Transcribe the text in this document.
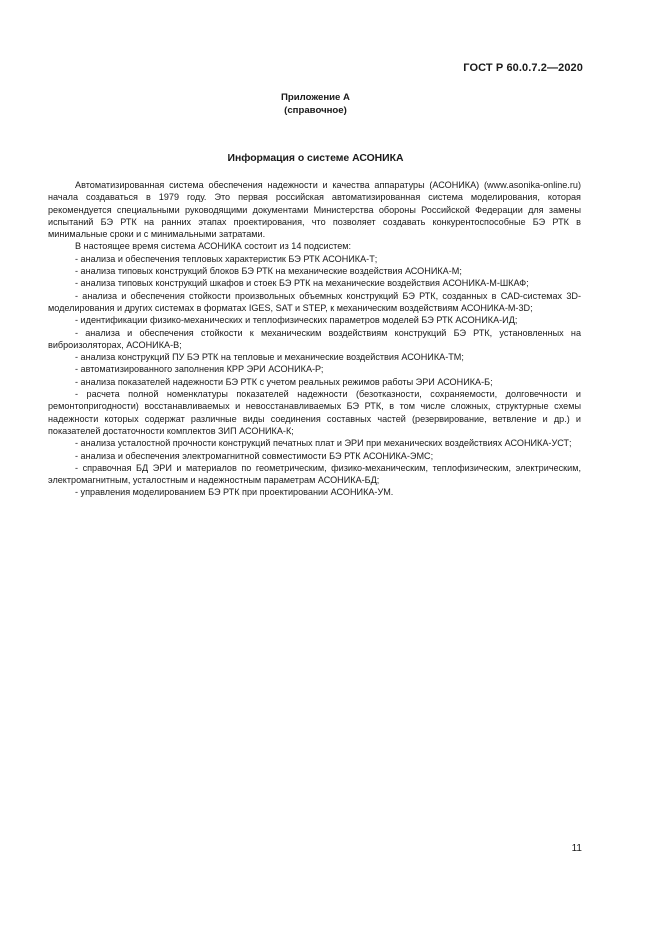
ГОСТ Р 60.0.7.2—2020
Приложение А
(справочное)
Информация о системе АСОНИКА

Автоматизированная система обеспечения надежности и качества аппаратуры (АСОНИКА) (www.asonika-online.ru) начала создаваться в 1979 году. Это первая российская автоматизированная система моделирования, которая рекомендуется специальными руководящими документами Министерства обороны Российской Федерации для замены испытаний БЭ РТК на ранних этапах проектирования, что позволяет создавать конкурентоспособные БЭ РТК в минимальные сроки и с минимальными затратами.

В настоящее время система АСОНИКА состоит из 14 подсистем:

- анализа и обеспечения тепловых характеристик БЭ РТК АСОНИКА-Т;

- анализа типовых конструкций блоков БЭ РТК на механические воздействия АСОНИКА-М;

- анализа типовых конструкций шкафов и стоек БЭ РТК на механические воздействия АСОНИКА-М-ШКАФ;

- анализа и обеспечения стойкости произвольных объемных конструкций БЭ РТК, созданных в CAD-системах 3D-моделирования и других системах в форматах IGES, SAT и STEP, к механическим воздействиям АСОНИКА-М-3D;

- идентификации физико-механических и теплофизических параметров моделей БЭ РТК АСОНИКА-ИД;

- анализа и обеспечения стойкости к механическим воздействиям конструкций БЭ РТК, установленных на виброизоляторах, АСОНИКА-В;

- анализа конструкций ПУ БЭ РТК на тепловые и механические воздействия АСОНИКА-ТМ;

- автоматизированного заполнения КРР ЭРИ АСОНИКА-Р;

- анализа показателей надежности БЭ РТК с учетом реальных режимов работы ЭРИ АСОНИКА-Б;

- расчета полной номенклатуры показателей надежности (безотказности, сохраняемости, долговечности и ремонтопригодности) восстанавливаемых и невосстанавливаемых БЭ РТК, в том числе сложных, структурные схемы надежности которых содержат различные виды соединения составных частей (резервирование, ветвление и др.) и показателей достаточности комплектов ЗИП АСОНИКА-К;

- анализа усталостной прочности конструкций печатных плат и ЭРИ при механических воздействиях АСОНИКА-УСТ;

- анализа и обеспечения электромагнитной совместимости БЭ РТК АСОНИКА-ЭМС;

- справочная БД ЭРИ и материалов по геометрическим, физико-механическим, теплофизическим, электрическим, электромагнитным, усталостным и надежностным параметрам АСОНИКА-БД;

- управления моделированием БЭ РТК при проектировании АСОНИКА-УМ.

11
